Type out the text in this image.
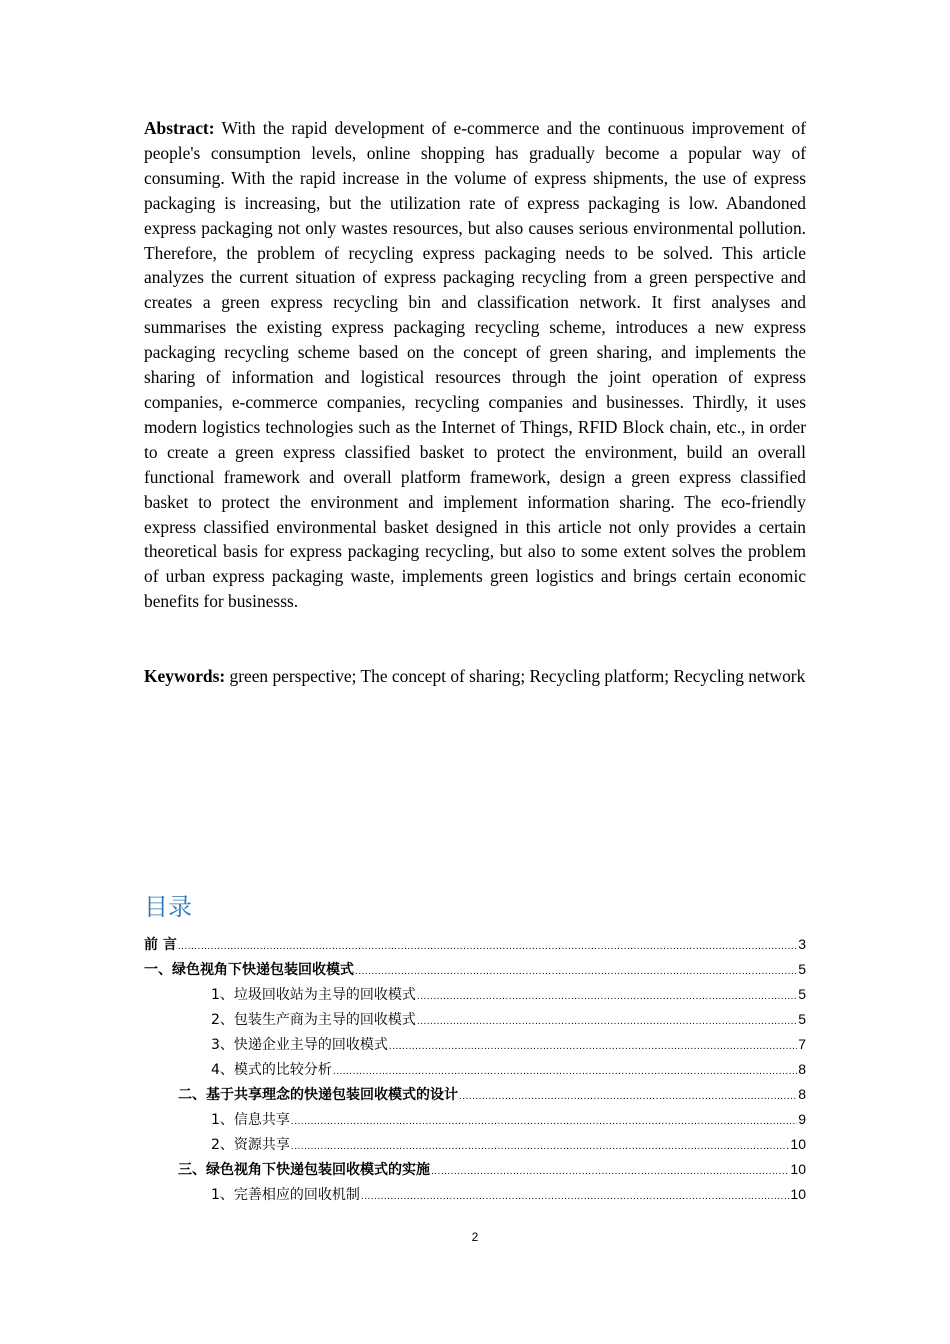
Abstract: With the rapid development of e-commerce and the continuous improvement of people's consumption levels, online shopping has gradually become a popular way of consuming. With the rapid increase in the volume of express shipments, the use of express packaging is increasing, but the utilization rate of express packaging is low. Abandoned express packaging not only wastes resources, but also causes serious environmental pollution. Therefore, the problem of recycling express packaging needs to be solved. This article analyzes the current situation of express packaging recycling from a green perspective and creates a green express recycling bin and classification network. It first analyses and summarises the existing express packaging recycling scheme, introduces a new express packaging recycling scheme based on the concept of green sharing, and implements the sharing of information and logistical resources through the joint operation of express companies, e-commerce companies, recycling companies and businesses. Thirdly, it uses modern logistics technologies such as the Internet of Things, RFID Block chain, etc., in order to create a green express classified basket to protect the environment, build an overall functional framework and overall platform framework, design a green express classified basket to protect the environment and implement information sharing. The eco-friendly express classified environmental basket designed in this article not only provides a certain theoretical basis for express packaging recycling, but also to some extent solves the problem of urban express packaging waste, implements green logistics and brings certain economic benefits for businesss.

Keywords: green perspective; The concept of sharing; Recycling platform; Recycling network

目录
前 言 .....	3
一、绿色视角下快递包装回收模式 .....	5
1、垃圾回收站为主导的回收模式 .....	5
2、包装生产商为主导的回收模式 .....	5
3、快递企业主导的回收模式 .....	7
4、模式的比较分析 .....	8
二、基于共享理念的快递包装回收模式的设计 .....	8
1、信息共享 .....	9
2、资源共享 .....	10
三、绿色视角下快递包装回收模式的实施 .....	10
1、完善相应的回收机制 .....	10
2
